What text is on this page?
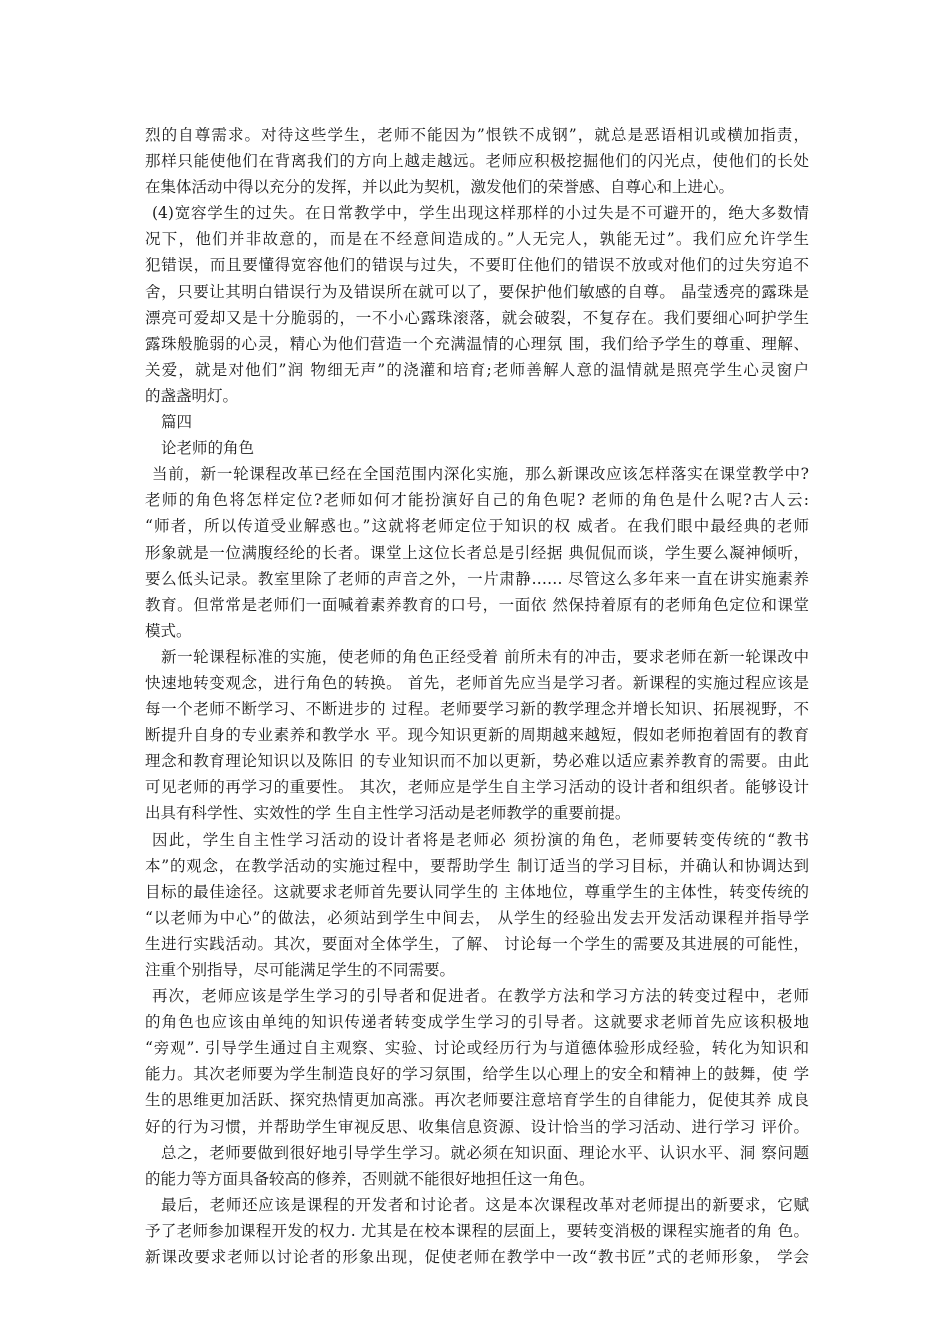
烈的自尊需求。对待这些学生，老师不能因为”恨铁不成钢”，就总是恶语相讥或横加指责，
那样只能使他们在背离我们的方向上越走越远。老师应积极挖掘他们的闪光点，使他们的长处
在集体活动中得以充分的发挥，并以此为契机，激发他们的荣誉感、自尊心和上进心。
(4)宽容学生的过失。在日常教学中，学生出现这样那样的小过失是不可避开的，绝大多数情
况下，他们并非故意的，而是在不经意间造成的。”人无完人，孰能无过”。我们应允许学生
犯错误，而且要懂得宽容他们的错误与过失，不要盯住他们的错误不放或对他们的过失穷追不
舍，只要让其明白错误行为及错误所在就可以了，要保护他们敏感的自尊。 晶莹透亮的露珠是
漂亮可爱却又是十分脆弱的，一不小心露珠滚落，就会破裂，不复存在。我们要细心呵护学生
露珠般脆弱的心灵，精心为他们营造一个充满温情的心理氛 围，我们给予学生的尊重、理解、
关爱，就是对他们”润 物细无声”的浇灌和培育;老师善解人意的温情就是照亮学生心灵窗户
的盏盏明灯。
篇四
论老师的角色
当前，新一轮课程改革已经在全国范围内深化实施，那么新课改应该怎样落实在课堂教学中?
老师的角色将怎样定位?老师如何才能扮演好自己的角色呢? 老师的角色是什么呢?古人云:
“师者，所以传道受业解惑也。”这就将老师定位于知识的权 威者。在我们眼中最经典的老师
形象就是一位满腹经纶的长者。课堂上这位长者总是引经据 典侃侃而谈，学生要么凝神倾听，
要么低头记录。教室里除了老师的声音之外，一片肃静…… 尽管这么多年来一直在讲实施素养
教育。但常常是老师们一面喊着素养教育的口号，一面依 然保持着原有的老师角色定位和课堂
模式。
新一轮课程标准的实施，使老师的角色正经受着 前所未有的冲击，要求老师在新一轮课改中
快速地转变观念，进行角色的转换。 首先，老师首先应当是学习者。新课程的实施过程应该是
每一个老师不断学习、不断进步的 过程。老师要学习新的教学理念并增长知识、拓展视野，不
断提升自身的专业素养和教学水 平。现今知识更新的周期越来越短，假如老师抱着固有的教育
理念和教育理论知识以及陈旧 的专业知识而不加以更新，势必难以适应素养教育的需要。由此
可见老师的再学习的重要性。 其次，老师应是学生自主学习活动的设计者和组织者。能够设计
出具有科学性、实效性的学 生自主性学习活动是老师教学的重要前提。
因此，学生自主性学习活动的设计者将是老师必 须扮演的角色，老师要转变传统的“教书
本”的观念，在教学活动的实施过程中，要帮助学生 制订适当的学习目标，并确认和协调达到
目标的最佳途径。这就要求老师首先要认同学生的 主体地位，尊重学生的主体性，转变传统的
“以老师为中心”的做法，必须站到学生中间去， 从学生的经验出发去开发活动课程并指导学
生进行实践活动。其次，要面对全体学生，了解、 讨论每一个学生的需要及其进展的可能性，
注重个别指导，尽可能满足学生的不同需要。
再次，老师应该是学生学习的引导者和促进者。在教学方法和学习方法的转变过程中，老师
的角色也应该由单纯的知识传递者转变成学生学习的引导者。这就要求老师首先应该积极地
“旁观”. 引导学生通过自主观察、实验、讨论或经历行为与道德体验形成经验，转化为知识和
能力。其次老师要为学生制造良好的学习氛围，给学生以心理上的安全和精神上的鼓舞，使 学
生的思维更加活跃、探究热情更加高涨。再次老师要注意培育学生的自律能力，促使其养 成良
好的行为习惯，并帮助学生审视反思、收集信息资源、设计恰当的学习活动、进行学习 评价。
总之，老师要做到很好地引导学生学习。就必须在知识面、理论水平、认识水平、洞 察问题
的能力等方面具备较高的修养，否则就不能很好地担任这一角色。
最后，老师还应该是课程的开发者和讨论者。这是本次课程改革对老师提出的新要求，它赋
予了老师参加课程开发的权力. 尤其是在校本课程的层面上，要转变消极的课程实施者的角 色。
新课改要求老师以讨论者的形象出现，促使老师在教学中一改“教书匠”式的老师形象， 学会
